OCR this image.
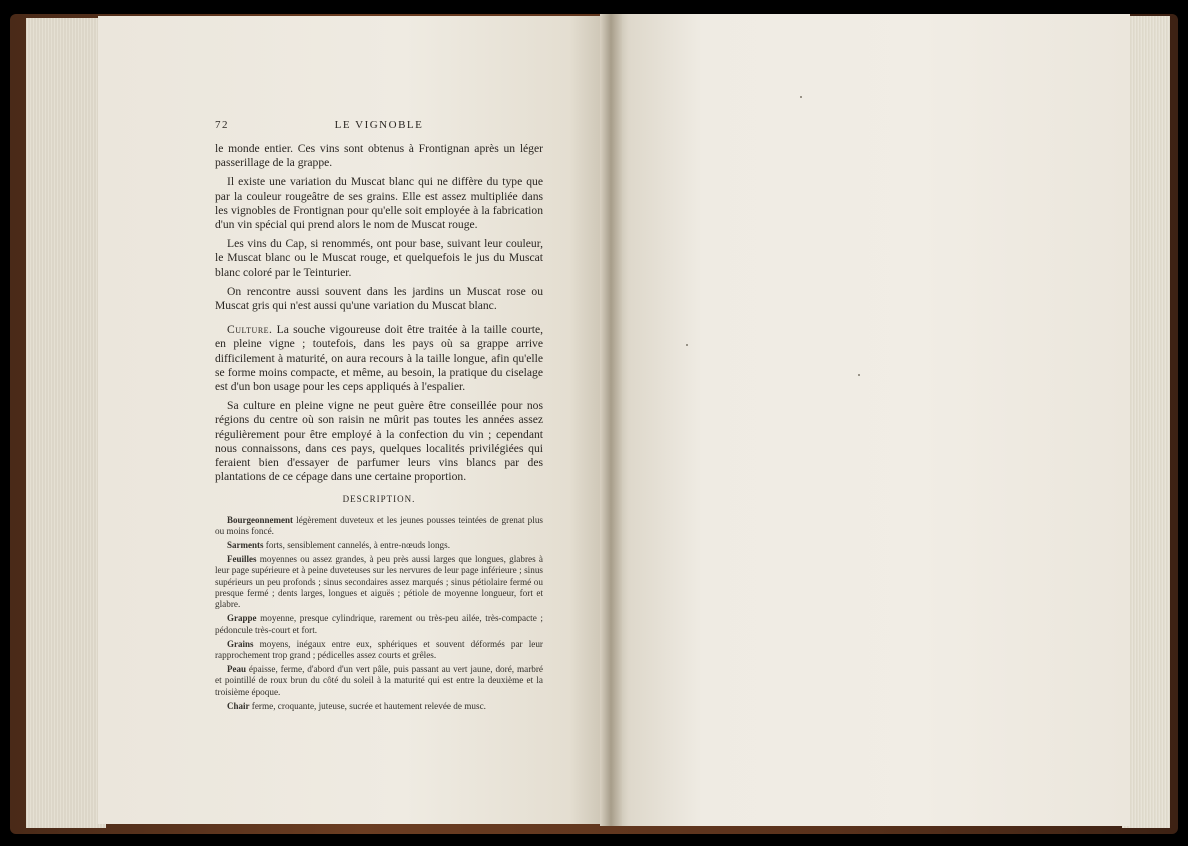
72	LE VIGNOBLE

le monde entier. Ces vins sont obtenus à Frontignan après un léger passerillage de la grappe.

Il existe une variation du Muscat blanc qui ne diffère du type que par la couleur rougeâtre de ses grains. Elle est assez multipliée dans les vignobles de Frontignan pour qu'elle soit employée à la fabrication d'un vin spécial qui prend alors le nom de Muscat rouge.

Les vins du Cap, si renommés, ont pour base, suivant leur couleur, le Muscat blanc ou le Muscat rouge, et quelquefois le jus du Muscat blanc coloré par le Teinturier.

On rencontre aussi souvent dans les jardins un Muscat rose ou Muscat gris qui n'est aussi qu'une variation du Muscat blanc.

Culture. La souche vigoureuse doit être traitée à la taille courte, en pleine vigne ; toutefois, dans les pays où sa grappe arrive difficilement à maturité, on aura recours à la taille longue, afin qu'elle se forme moins compacte, et même, au besoin, la pratique du ciselage est d'un bon usage pour les ceps appliqués à l'espalier.

Sa culture en pleine vigne ne peut guère être conseillée pour nos régions du centre où son raisin ne mûrit pas toutes les années assez régulièrement pour être employé à la confection du vin ; cependant nous connaissons, dans ces pays, quelques localités privilégiées qui feraient bien d'essayer de parfumer leurs vins blancs par des plantations de ce cépage dans une certaine proportion.

DESCRIPTION.

Bourgeonnement légèrement duveteux et les jeunes pousses teintées de grenat plus ou moins foncé.

Sarments forts, sensiblement cannelés, à entre-nœuds longs.

Feuilles moyennes ou assez grandes, à peu près aussi larges que longues, glabres à leur page supérieure et à peine duveteuses sur les nervures de leur page inférieure ; sinus supérieurs un peu profonds ; sinus secondaires assez marqués ; sinus pétiolaire fermé ou presque fermé ; dents larges, longues et aiguës ; pétiole de moyenne longueur, fort et glabre.

Grappe moyenne, presque cylindrique, rarement ou très-peu ailée, très-compacte ; pédoncule très-court et fort.

Grains moyens, inégaux entre eux, sphériques et souvent déformés par leur rapprochement trop grand ; pédicelles assez courts et grêles.

Peau épaisse, ferme, d'abord d'un vert pâle, puis passant au vert jaune, doré, marbré et pointillé de roux brun du côté du soleil à la maturité qui est entre la deuxième et la troisième époque.

Chair ferme, croquante, juteuse, sucrée et hautement relevée de musc.
